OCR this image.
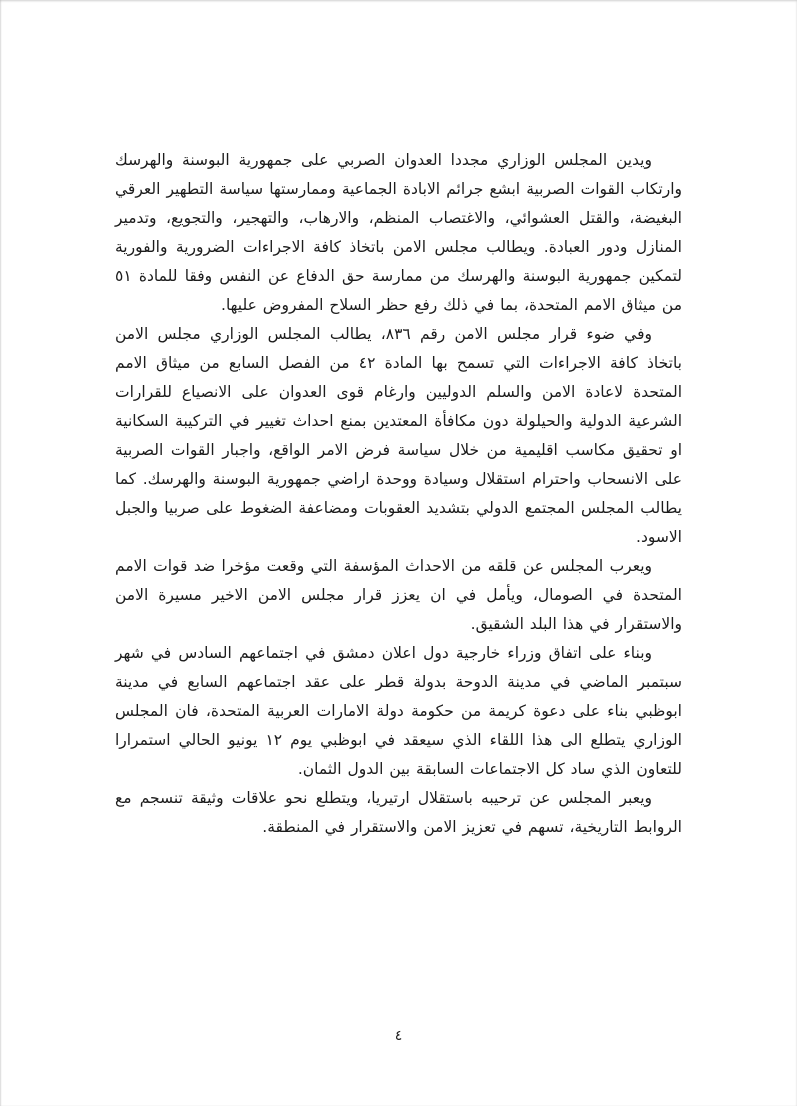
ويدين المجلس الوزاري مجددا العدوان الصربي على جمهورية البوسنة والهرسك وارتكاب القوات الصربية ابشع جرائم الابادة الجماعية وممارستها سياسة التطهير العرقي البغيضة، والقتل العشوائي، والاغتصاب المنظم، والارهاب، والتهجير، والتجويع، وتدمير المنازل ودور العبادة. ويطالب مجلس الامن باتخاذ كافة الاجراءات الضرورية والفورية لتمكين جمهورية البوسنة والهرسك من ممارسة حق الدفاع عن النفس وفقا للمادة ٥١ من ميثاق الامم المتحدة، بما في ذلك رفع حظر السلاح المفروض عليها.

وفي ضوء قرار مجلس الامن رقم ٨٣٦، يطالب المجلس الوزاري مجلس الامن باتخاذ كافة الاجراءات التي تسمح بها المادة ٤٢ من الفصل السابع من ميثاق الامم المتحدة لاعادة الامن والسلم الدوليين وارغام قوى العدوان على الانصياع للقرارات الشرعية الدولية والحيلولة دون مكافأة المعتدين بمنع احداث تغيير في التركيبة السكانية او تحقيق مكاسب اقليمية من خلال سياسة فرض الامر الواقع، واجبار القوات الصربية على الانسحاب واحترام استقلال وسيادة ووحدة اراضي جمهورية البوسنة والهرسك. كما يطالب المجلس المجتمع الدولي بتشديد العقوبات ومضاعفة الضغوط على صربيا والجبل الاسود.

ويعرب المجلس عن قلقه من الاحداث المؤسفة التي وقعت مؤخرا ضد قوات الامم المتحدة في الصومال، ويأمل في ان يعزز قرار مجلس الامن الاخير مسيرة الامن والاستقرار في هذا البلد الشقيق.

وبناء على اتفاق وزراء خارجية دول اعلان دمشق في اجتماعهم السادس في شهر سبتمبر الماضي في مدينة الدوحة بدولة قطر على عقد اجتماعهم السابع في مدينة ابوظبي بناء على دعوة كريمة من حكومة دولة الامارات العربية المتحدة، فان المجلس الوزاري يتطلع الى هذا اللقاء الذي سيعقد في ابوظبي يوم ١٢ يونيو الحالي استمرارا للتعاون الذي ساد كل الاجتماعات السابقة بين الدول الثمان.

ويعبر المجلس عن ترحيبه باستقلال ارتيريا، ويتطلع نحو علاقات وثيقة تنسجم مع الروابط التاريخية، تسهم في تعزيز الامن والاستقرار في المنطقة.

٤
